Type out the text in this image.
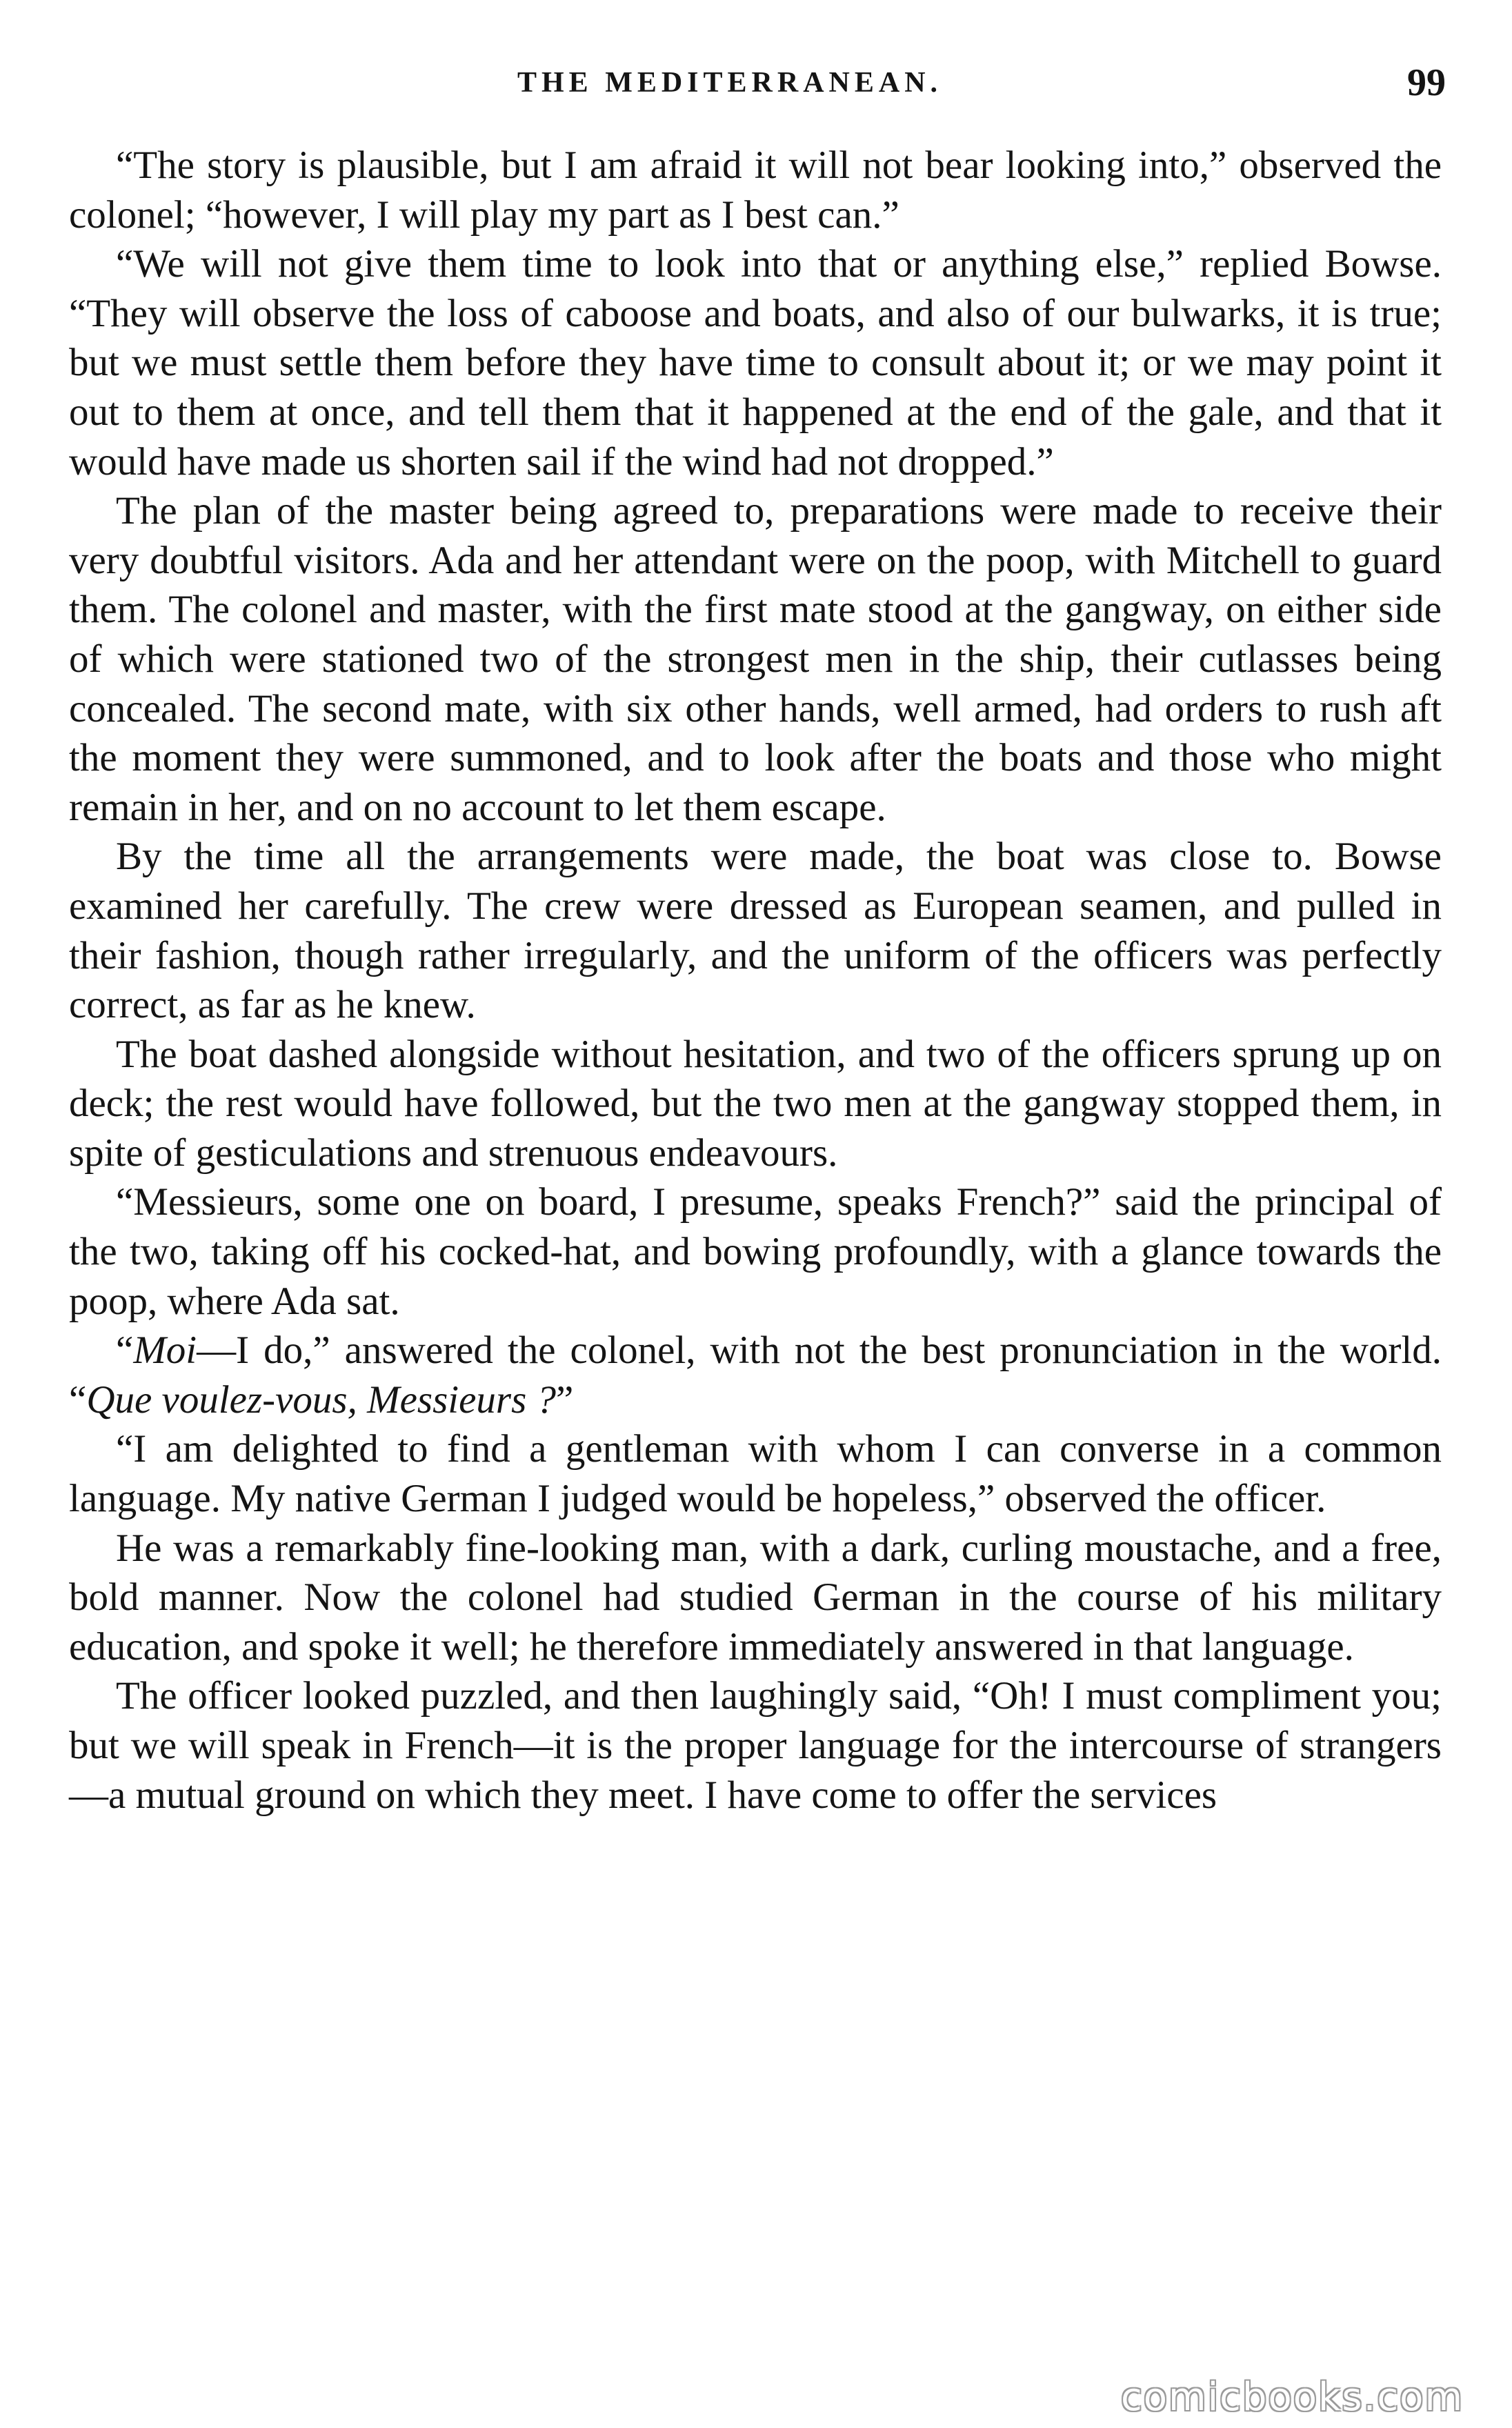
THE MEDITERRANEAN.	99

“The story is plausible, but I am afraid it will not bear looking into,” observed the colonel; “however, I will play my part as I best can.”

“We will not give them time to look into that or anything else,” replied Bowse. “They will observe the loss of caboose and boats, and also of our bulwarks, it is true; but we must settle them before they have time to consult about it; or we may point it out to them at once, and tell them that it happened at the end of the gale, and that it would have made us shorten sail if the wind had not dropped.”

The plan of the master being agreed to, preparations were made to receive their very doubtful visitors. Ada and her attendant were on the poop, with Mitchell to guard them. The colonel and master, with the first mate stood at the gangway, on either side of which were stationed two of the strongest men in the ship, their cutlasses being concealed. The second mate, with six other hands, well armed, had orders to rush aft the moment they were summoned, and to look after the boats and those who might remain in her, and on no account to let them escape.

By the time all the arrangements were made, the boat was close to. Bowse examined her carefully. The crew were dressed as European seamen, and pulled in their fashion, though rather irregularly, and the uniform of the officers was perfectly correct, as far as he knew.

The boat dashed alongside without hesitation, and two of the officers sprung up on deck; the rest would have followed, but the two men at the gangway stopped them, in spite of gesticulations and strenuous endeavours.

“Messieurs, some one on board, I presume, speaks French?” said the principal of the two, taking off his cocked-hat, and bowing profoundly, with a glance towards the poop, where Ada sat.

“Moi—I do,” answered the colonel, with not the best pronunciation in the world. “Que voulez-vous, Messieurs ?”

“I am delighted to find a gentleman with whom I can converse in a common language. My native German I judged would be hopeless,” observed the officer.

He was a remarkably fine-looking man, with a dark, curling moustache, and a free, bold manner. Now the colonel had studied German in the course of his military education, and spoke it well; he therefore immediately answered in that language.

The officer looked puzzled, and then laughingly said, “Oh! I must compliment you; but we will speak in French—it is the proper language for the intercourse of strangers—a mutual ground on which they meet. I have come to offer the services

comicbooks.com
